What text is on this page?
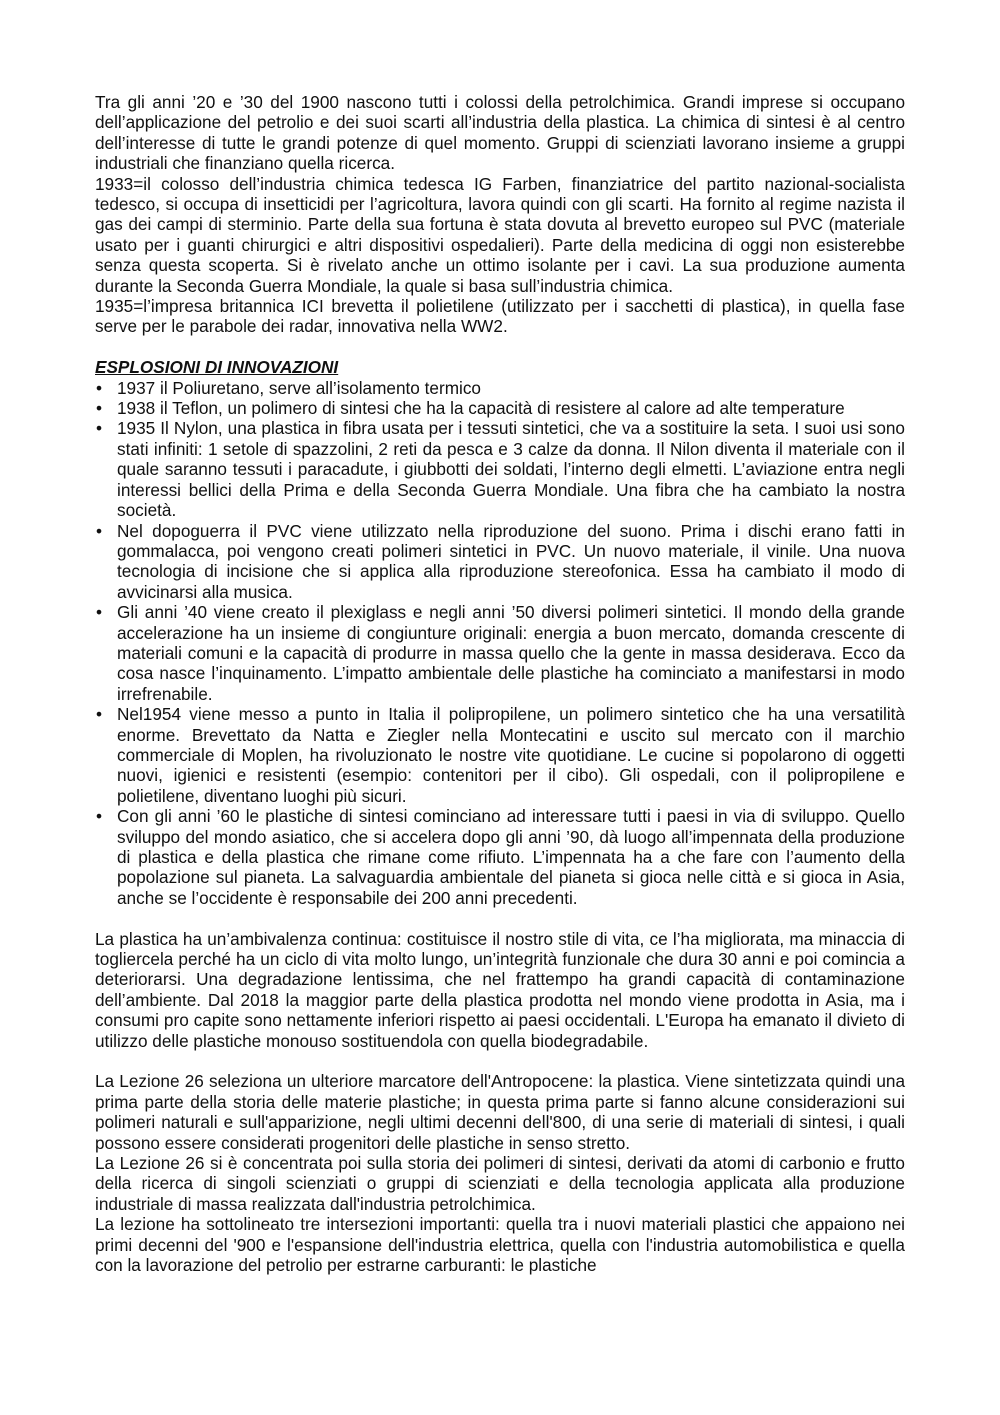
Tra gli anni ’20 e ’30 del 1900 nascono tutti i colossi della petrolchimica. Grandi imprese si occupano dell’applicazione del petrolio e dei suoi scarti all’industria della plastica. La chimica di sintesi è al centro dell’interesse di tutte le grandi potenze di quel momento. Gruppi di scienziati lavorano insieme a gruppi industriali che finanziano quella ricerca.

1933=il colosso dell’industria chimica tedesca IG Farben, finanziatrice del partito nazional-socialista tedesco, si occupa di insetticidi per l’agricoltura, lavora quindi con gli scarti. Ha fornito al regime nazista il gas dei campi di sterminio. Parte della sua fortuna è stata dovuta al brevetto europeo sul PVC (materiale usato per i guanti chirurgici e altri dispositivi ospedalieri). Parte della medicina di oggi non esisterebbe senza questa scoperta. Si è rivelato anche un ottimo isolante per i cavi. La sua produzione aumenta durante la Seconda Guerra Mondiale, la quale si basa sull’industria chimica.

1935=l’impresa britannica ICI brevetta il polietilene (utilizzato per i sacchetti di plastica), in quella fase serve per le parabole dei radar, innovativa nella WW2.

ESPLOSIONI DI INNOVAZIONI

• 1937 il Poliuretano, serve all’isolamento termico
• 1938 il Teflon, un polimero di sintesi che ha la capacità di resistere al calore ad alte temperature
• 1935 Il Nylon, una plastica in fibra usata per i tessuti sintetici, che va a sostituire la seta. I suoi usi sono stati infiniti: 1 setole di spazzolini, 2 reti da pesca e 3 calze da donna. Il Nilon diventa il materiale con il quale saranno tessuti i paracadute, i giubbotti dei soldati, l’interno degli elmetti. L’aviazione entra negli interessi bellici della Prima e della Seconda Guerra Mondiale. Una fibra che ha cambiato la nostra società.
• Nel dopoguerra il PVC viene utilizzato nella riproduzione del suono. Prima i dischi erano fatti in gommalacca, poi vengono creati polimeri sintetici in PVC. Un nuovo materiale, il vinile. Una nuova tecnologia di incisione che si applica alla riproduzione stereofonica. Essa ha cambiato il modo di avvicinarsi alla musica.
• Gli anni ’40 viene creato il plexiglass e negli anni ’50 diversi polimeri sintetici. Il mondo della grande accelerazione ha un insieme di congiunture originali: energia a buon mercato, domanda crescente di materiali comuni e la capacità di produrre in massa quello che la gente in massa desiderava. Ecco da cosa nasce l’inquinamento. L’impatto ambientale delle plastiche ha cominciato a manifestarsi in modo irrefrenabile.
• Nel1954 viene messo a punto in Italia il polipropilene, un polimero sintetico che ha una versatilità enorme. Brevettato da Natta e Ziegler nella Montecatini e uscito sul mercato con il marchio commerciale di Moplen, ha rivoluzionato le nostre vite quotidiane. Le cucine si popolarono di oggetti nuovi, igienici e resistenti (esempio: contenitori per il cibo). Gli ospedali, con il polipropilene e polietilene, diventano luoghi più sicuri.
• Con gli anni ’60 le plastiche di sintesi cominciano ad interessare tutti i paesi in via di sviluppo. Quello sviluppo del mondo asiatico, che si accelera dopo gli anni ’90, dà luogo all’impennata della produzione di plastica e della plastica che rimane come rifiuto. L’impennata ha a che fare con l’aumento della popolazione sul pianeta. La salvaguardia ambientale del pianeta si gioca nelle città e si gioca in Asia, anche se l’occidente è responsabile dei 200 anni precedenti.

La plastica ha un’ambivalenza continua: costituisce il nostro stile di vita, ce l’ha migliorata, ma minaccia di togliercela perché ha un ciclo di vita molto lungo, un’integrità funzionale che dura 30 anni e poi comincia a deteriorarsi. Una degradazione lentissima, che nel frattempo ha grandi capacità di contaminazione dell’ambiente. Dal 2018 la maggior parte della plastica prodotta nel mondo viene prodotta in Asia, ma i consumi pro capite sono nettamente inferiori rispetto ai paesi occidentali. L'Europa ha emanato il divieto di utilizzo delle plastiche monouso sostituendola con quella biodegradabile.

La Lezione 26 seleziona un ulteriore marcatore dell'Antropocene: la plastica. Viene sintetizzata quindi una prima parte della storia delle materie plastiche; in questa prima parte si fanno alcune considerazioni sui polimeri naturali e sull'apparizione, negli ultimi decenni dell'800, di una serie di materiali di sintesi, i quali possono essere considerati progenitori delle plastiche in senso stretto.

La Lezione 26 si è concentrata poi sulla storia dei polimeri di sintesi, derivati da atomi di carbonio e frutto della ricerca di singoli scienziati o gruppi di scienziati e della tecnologia applicata alla produzione industriale di massa realizzata dall'industria petrolchimica.

La lezione ha sottolineato tre intersezioni importanti: quella tra i nuovi materiali plastici che appaiono nei primi decenni del '900 e l'espansione dell'industria elettrica, quella con l'industria automobilistica e quella con la lavorazione del petrolio per estrarne carburanti: le plastiche
